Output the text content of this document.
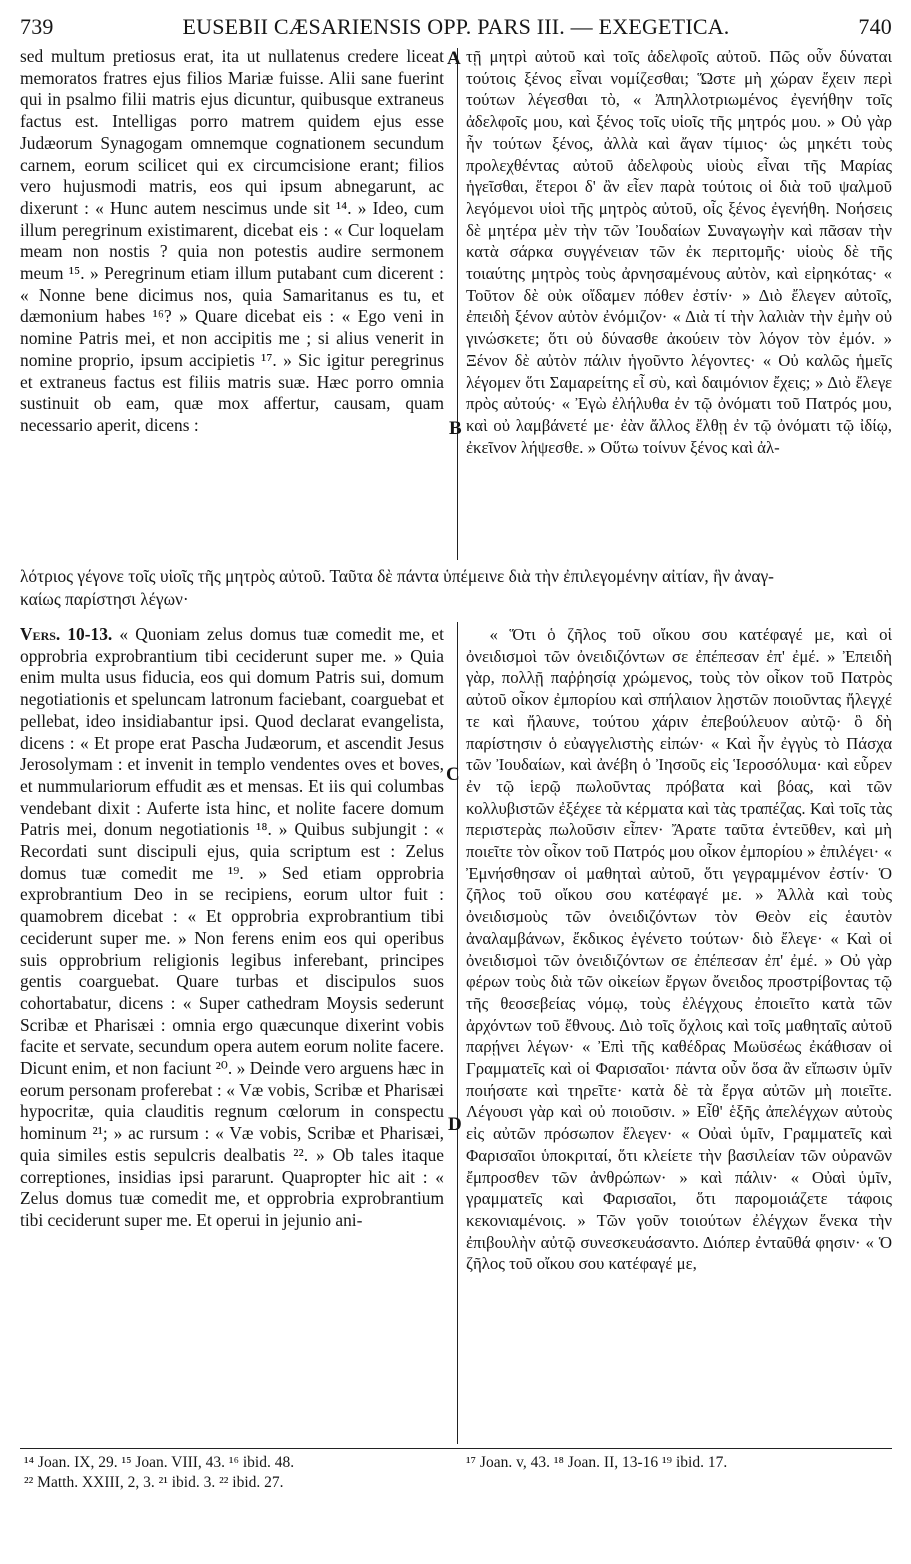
739	EUSEBII CÆSARIENSIS OPP. PARS III. — EXEGETICA.	740

sed multum pretiosus erat, ita ut nullatenus credere liceat memoratos fratres ejus filios Mariæ fuisse. Alii sane fuerint qui in psalmo filii matris ejus dicuntur, quibusque extraneus factus est. Intelligas porro matrem quidem ejus esse Judæorum Synagogam omnemque cognationem secundum carnem, eorum scilicet qui ex circumcisione erant; filios vero hujusmodi matris, eos qui ipsum abnegarunt, ac dixerunt : « Hunc autem nescimus unde sit ¹⁴. » Ideo, cum illum peregrinum existimarent, dicebat eis : « Cur loquelam meam non nostis ? quia non potestis audire sermonem meum ¹⁵. » Peregrinum etiam illum putabant cum dicerent : « Nonne bene dicimus nos, quia Samaritanus es tu, et dæmonium habes ¹⁶? » Quare dicebat eis : « Ego veni in nomine Patris mei, et non accipitis me ; si alius venerit in nomine proprio, ipsum accipietis ¹⁷. » Sic igitur peregrinus et extraneus factus est filiis matris suæ. Hæc porro omnia sustinuit ob eam, quæ mox affertur, causam, quam necessario aperit, dicens :

τῇ μητρὶ αὐτοῦ καὶ τοῖς ἀδελφοῖς αὐτοῦ. Πῶς οὖν δύναται τούτοις ξένος εἶναι νομίζεσθαι; Ὥστε μὴ χώραν ἔχειν περὶ τούτων λέγεσθαι τὸ, « Ἀπηλλοτριωμένος ἐγενήθην τοῖς ἀδελφοῖς μου, καὶ ξένος τοῖς υἱοῖς τῆς μητρός μου. » Οὐ γὰρ ἦν τούτων ξένος, ἀλλὰ καὶ ἄγαν τίμιος· ὡς μηκέτι τοὺς προλεχθέντας αὐτοῦ ἀδελφοὺς υἱοὺς εἶναι τῆς Μαρίας ἡγεῖσθαι, ἕτεροι δ' ἂν εἶεν παρὰ τούτοις οἱ διὰ τοῦ ψαλμοῦ λεγόμενοι υἱοὶ τῆς μητρὸς αὐτοῦ, οἷς ξένος ἐγενήθη. Νοήσεις δὲ μητέρα μὲν τὴν τῶν Ἰουδαίων Συναγωγὴν καὶ πᾶσαν τὴν κατὰ σάρκα συγγένειαν τῶν ἐκ περιτομῆς· υἱοὺς δὲ τῆς τοιαύτης μητρὸς τοὺς ἀρνησαμένους αὐτὸν, καὶ εἰρηκότας· « Τοῦτον δὲ οὐκ οἴδαμεν πόθεν ἐστίν· » Διὸ ἔλεγεν αὐτοῖς, ἐπειδὴ ξένον αὐτὸν ἐνόμιζον· « Διὰ τί τὴν λαλιὰν τὴν ἐμὴν οὐ γινώσκετε; ὅτι οὐ δύνασθε ἀκούειν τὸν λόγον τὸν ἐμόν. » Ξένον δὲ αὐτὸν πάλιν ἡγοῦντο λέγοντες· « Οὐ καλῶς ἡμεῖς λέγομεν ὅτι Σαμαρείτης εἶ σὺ, καὶ δαιμόνιον ἔχεις; » Διὸ ἔλεγε πρὸς αὐτούς· « Ἐγὼ ἐλήλυθα ἐν τῷ ὀνόματι τοῦ Πατρός μου, καὶ οὐ λαμβάνετέ με· ἐὰν ἄλλος ἔλθῃ ἐν τῷ ὀνόματι τῷ ἰδίῳ, ἐκεῖνον λήψεσθε. » Οὕτω τοίνυν ξένος καὶ ἀλ-

A
B
λότριος γέγονε τοῖς υἱοῖς τῆς μητρὸς αὐτοῦ. Ταῦτα δὲ πάντα ὑπέμεινε διὰ τὴν ἐπιλεγομένην αἰτίαν, ἣν ἀναγ-
καίως παρίστησι λέγων·

Vers. 10-13. « Quoniam zelus domus tuæ comedit me, et opprobria exprobrantium tibi ceciderunt super me. » Quia enim multa usus fiducia, eos qui domum Patris sui, domum negotiationis et speluncam latronum faciebant, coarguebat et pellebat, ideo insidiabantur ipsi. Quod declarat evangelista, dicens : « Et prope erat Pascha Judæorum, et ascendit Jesus Jerosolymam : et invenit in templo vendentes oves et boves, et nummulariorum effudit æs et mensas. Et iis qui columbas vendebant dixit : Auferte ista hinc, et nolite facere domum Patris mei, donum negotiationis ¹⁸. » Quibus subjungit : « Recordati sunt discipuli ejus, quia scriptum est : Zelus domus tuæ comedit me ¹⁹. » Sed etiam opprobria exprobrantium Deo in se recipiens, eorum ultor fuit : quamobrem dicebat : « Et opprobria exprobrantium tibi ceciderunt super me. » Non ferens enim eos qui operibus suis opprobrium religionis legibus inferebant, principes gentis coarguebat. Quare turbas et discipulos suos cohortabatur, dicens : « Super cathedram Moysis sederunt Scribæ et Pharisæi : omnia ergo quæcunque dixerint vobis facite et servate, secundum opera autem eorum nolite facere. Dicunt enim, et non faciunt ²⁰. » Deinde vero arguens hæc in eorum personam proferebat : « Væ vobis, Scribæ et Pharisæi hypocritæ, quia clauditis regnum cœlorum in conspectu hominum ²¹; » ac rursum : « Væ vobis, Scribæ et Pharisæi, quia similes estis sepulcris dealbatis ²². » Ob tales itaque correptiones, insidias ipsi pararunt. Quapropter hic ait : « Zelus domus tuæ comedit me, et opprobria exprobrantium tibi ceciderunt super me. Et operui in jejunio ani-

« Ὅτι ὁ ζῆλος τοῦ οἴκου σου κατέφαγέ με, καὶ οἱ ὀνειδισμοὶ τῶν ὀνειδιζόντων σε ἐπέπεσαν ἐπ' ἐμέ. » Ἐπειδὴ γὰρ, πολλῇ παῤῥησίᾳ χρώμενος, τοὺς τὸν οἶκον τοῦ Πατρὸς αὐτοῦ οἶκον ἐμπορίου καὶ σπήλαιον λῃστῶν ποιοῦντας ἤλεγχέ τε καὶ ἤλαυνε, τούτου χάριν ἐπεβούλευον αὐτῷ· ὃ δὴ παρίστησιν ὁ εὐαγγελιστὴς εἰπών· « Καὶ ἦν ἐγγὺς τὸ Πάσχα τῶν Ἰουδαίων, καὶ ἀνέβη ὁ Ἰησοῦς εἰς Ἱεροσόλυμα· καὶ εὗρεν ἐν τῷ ἱερῷ πωλοῦντας πρόβατα καὶ βόας, καὶ τῶν κολλυβιστῶν ἐξέχεε τὰ κέρματα καὶ τὰς τραπέζας. Καὶ τοῖς τὰς περιστερὰς πωλοῦσιν εἶπεν· Ἄρατε ταῦτα ἐντεῦθεν, καὶ μὴ ποιεῖτε τὸν οἶκον τοῦ Πατρός μου οἶκον ἐμπορίου » ἐπιλέγει· « Ἐμνήσθησαν οἱ μαθηταὶ αὐτοῦ, ὅτι γεγραμμένον ἐστίν· Ὁ ζῆλος τοῦ οἴκου σου κατέφαγέ με. » Ἀλλὰ καὶ τοὺς ὀνειδισμοὺς τῶν ὀνειδιζόντων τὸν Θεὸν εἰς ἑαυτὸν ἀναλαμβάνων, ἔκδικος ἐγένετο τούτων· διὸ ἔλεγε· « Καὶ οἱ ὀνειδισμοὶ τῶν ὀνειδιζόντων σε ἐπέπεσαν ἐπ' ἐμέ. » Οὐ γὰρ φέρων τοὺς διὰ τῶν οἰκείων ἔργων ὄνειδος προστρίβοντας τῷ τῆς θεοσεβείας νόμῳ, τοὺς ἐλέγχους ἐποιεῖτο κατὰ τῶν ἀρχόντων τοῦ ἔθνους. Διὸ τοῖς ὄχλοις καὶ τοῖς μαθηταῖς αὐτοῦ παρῄνει λέγων· « Ἐπὶ τῆς καθέδρας Μωϋσέως ἐκάθισαν οἱ Γραμματεῖς καὶ οἱ Φαρισαῖοι· πάντα οὖν ὅσα ἂν εἴπωσιν ὑμῖν ποιήσατε καὶ τηρεῖτε· κατὰ δὲ τὰ ἔργα αὐτῶν μὴ ποιεῖτε. Λέγουσι γὰρ καὶ οὐ ποιοῦσιν. » Εἶθ' ἑξῆς ἀπελέγχων αὐτοὺς εἰς αὐτῶν πρόσωπον ἔλεγεν· « Οὐαὶ ὑμῖν, Γραμματεῖς καὶ Φαρισαῖοι ὑποκριταί, ὅτι κλείετε τὴν βασιλείαν τῶν οὐρανῶν ἔμπροσθεν τῶν ἀνθρώπων· » καὶ πάλιν· « Οὐαὶ ὑμῖν, γραμματεῖς καὶ Φαρισαῖοι, ὅτι παρομοιάζετε τάφοις κεκονιαμένοις. » Τῶν γοῦν τοιούτων ἐλέγχων ἕνεκα τὴν ἐπιβουλὴν αὐτῷ συνεσκευάσαντο. Διόπερ ἐνταῦθά φησιν· « Ὁ ζῆλος τοῦ οἴκου σου κατέφαγέ με,

C
D
¹⁴ Joan. IX, 29. ¹⁵ Joan. VIII, 43. ¹⁶ ibid. 48.
²² Matth. XXIII, 2, 3. ²¹ ibid. 3. ²² ibid. 27.
¹⁷ Joan. v, 43. ¹⁸ Joan. II, 13-16 ¹⁹ ibid. 17.
